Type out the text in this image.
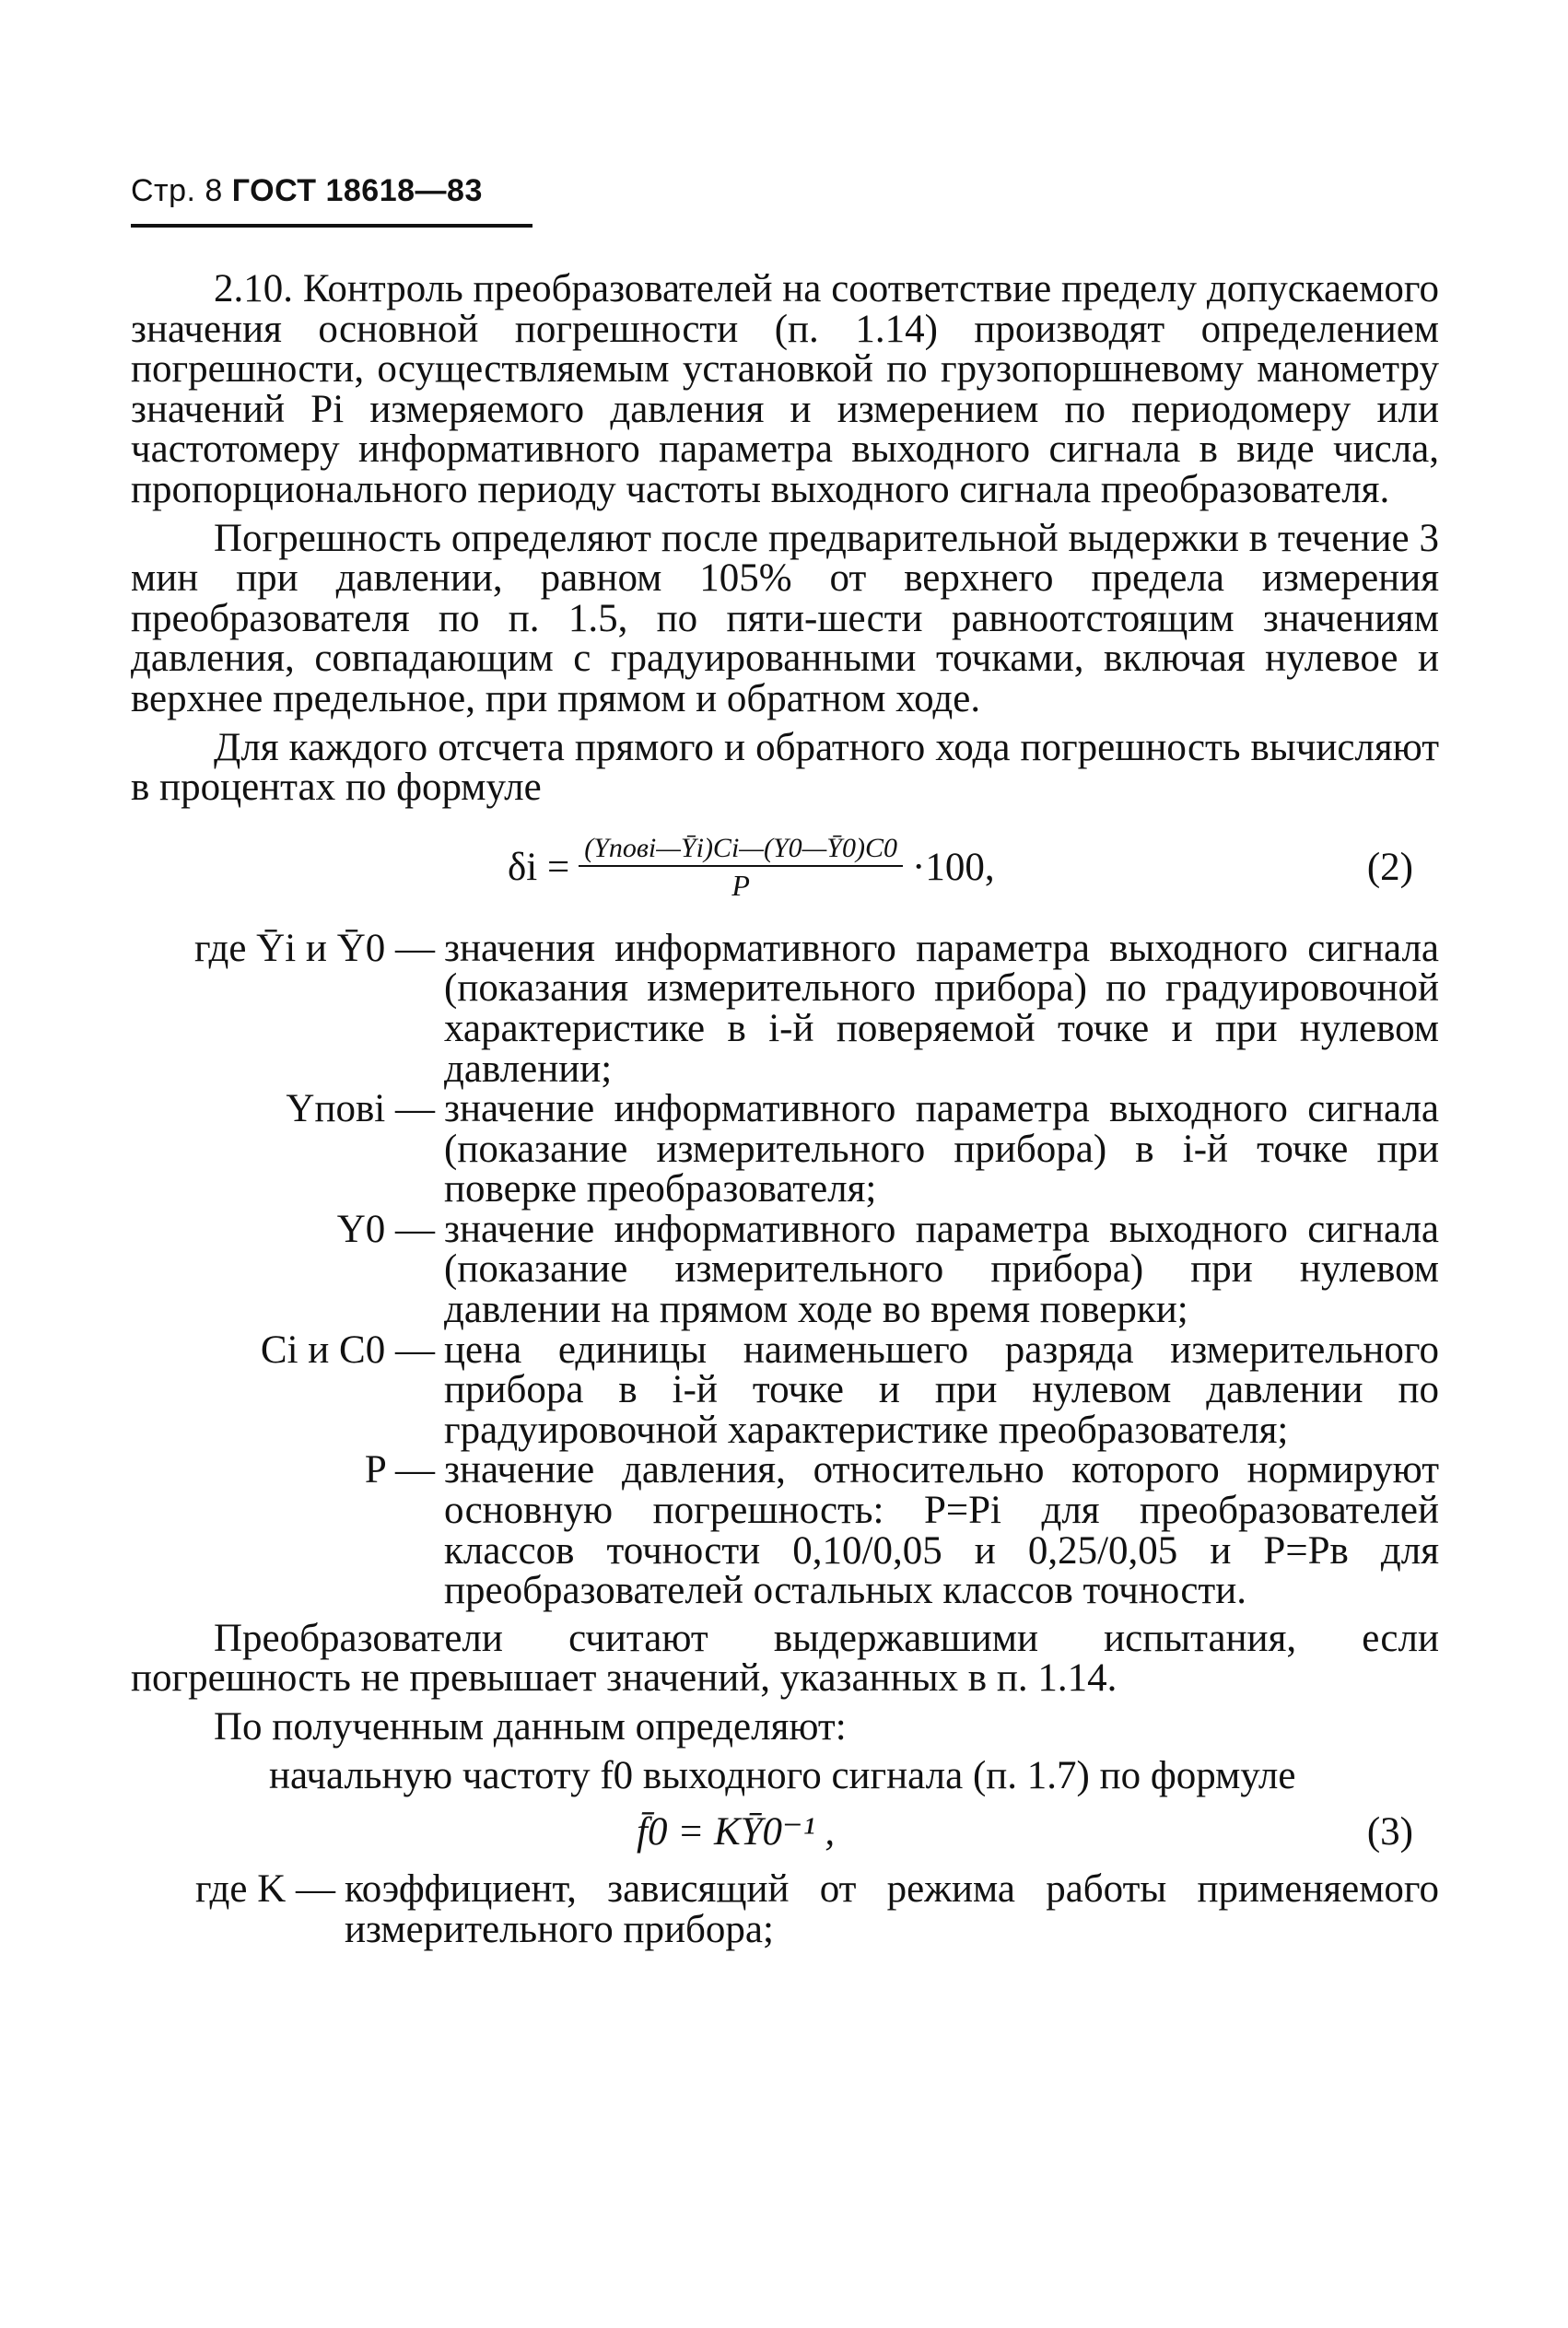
Стр. 8 ГОСТ 18618—83

2.10. Контроль преобразователей на соответствие пределу допускаемого значения основной погрешности (п. 1.14) производят определением погрешности, осуществляемым установкой по грузопоршневому манометру значений Pi измеряемого давления и измерением по периодомеру или частотомеру информативного параметра выходного сигнала в виде числа, пропорционального периоду частоты выходного сигнала преобразователя.

Погрешность определяют после предварительной выдержки в течение 3 мин при давлении, равном 105% от верхнего предела измерения преобразователя по п. 1.5, по пяти-шести равноотстоящим значениям давления, совпадающим с градуированными точками, включая нулевое и верхнее предельное, при прямом и обратном ходе.

Для каждого отсчета прямого и обратного хода погрешность вычисляют в процентах по формуле

$\delta i = \frac{\text{(Yповi—Ȳi)Ci—(Y0—Ȳ0)C0}}{P} \cdot 100$,	(2)
где Ȳi и Ȳ0 — значения информативного параметра выходного сигнала (показания измерительного прибора) по градуировочной характеристике в i-й поверяемой точке и при нулевом давлении;
Yповi — значение информативного параметра выходного сигнала (показание измерительного прибора) в i-й точке при поверке преобразователя;
Y0 — значение информативного параметра выходного сигнала (показание измерительного прибора) при нулевом давлении на прямом ходе во время поверки;
Ci и C0 — цена единицы наименьшего разряда измерительного прибора в i-й точке и при нулевом давлении по градуировочной характеристике преобразователя;
P — значение давления, относительно которого нормируют основную погрешность: P=Pi для преобразователей классов точности 0,10/0,05 и 0,25/0,05 и P=Pв для преобразователей остальных классов точности.

Преобразователи считают выдержавшими испытания, если погрешность не превышает значений, указанных в п. 1.14.

По полученным данным определяют:

начальную частоту f0 выходного сигнала (п. 1.7) по формуле

f̄0 = KȲ0⁻¹ ,	(3)
где K — коэффициент, зависящий от режима работы применяемого измерительного прибора;
